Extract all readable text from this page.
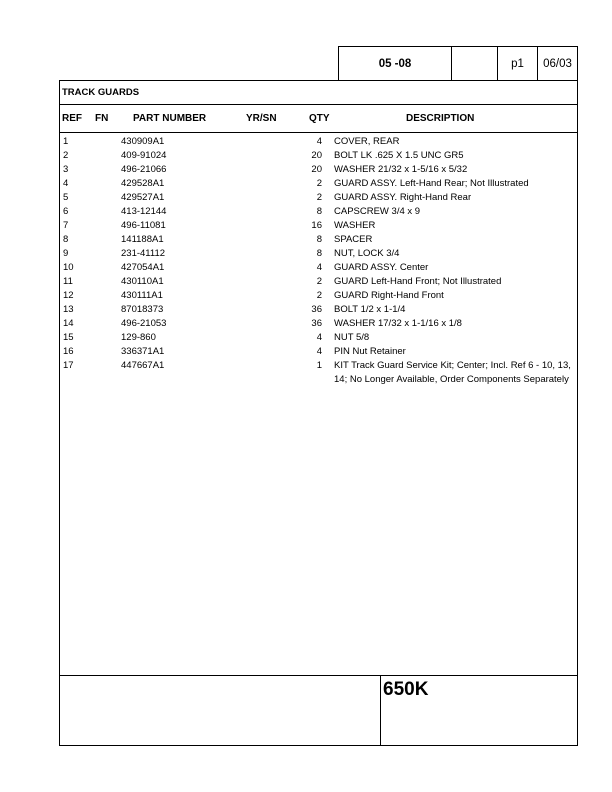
05 -08	p1	06/03
TRACK GUARDS
REF FN PART NUMBER	YR/SN	QTY	DESCRIPTION
1	430909A1	4 COVER, REAR
2	409-91024	20 BOLT LK .625 X 1.5 UNC GR5
3	496-21066	20 WASHER 21/32 x 1-5/16 x 5/32
4	429528A1	2 GUARD ASSY. Left-Hand Rear; Not Illustrated
5	429527A1	2 GUARD ASSY. Right-Hand Rear
6	413-12144	8 CAPSCREW 3/4 x 9
7	496-11081	16 WASHER
8	141188A1	8 SPACER
9	231-41112	8 NUT, LOCK 3/4
10	427054A1	4 GUARD ASSY. Center
11	430110A1	2 GUARD Left-Hand Front; Not Illustrated
12	430111A1	2 GUARD Right-Hand Front
13	87018373	36 BOLT 1/2 x 1-1/4
14	496-21053	36 WASHER 17/32 x 1-1/16 x 1/8
15	129-860	4 NUT 5/8
16	336371A1	4 PIN Nut Retainer
17	447667A1	1 KIT Track Guard Service Kit; Center; Incl. Ref 6 - 10, 13, 14; No Longer Available, Order Components Separately
650K
